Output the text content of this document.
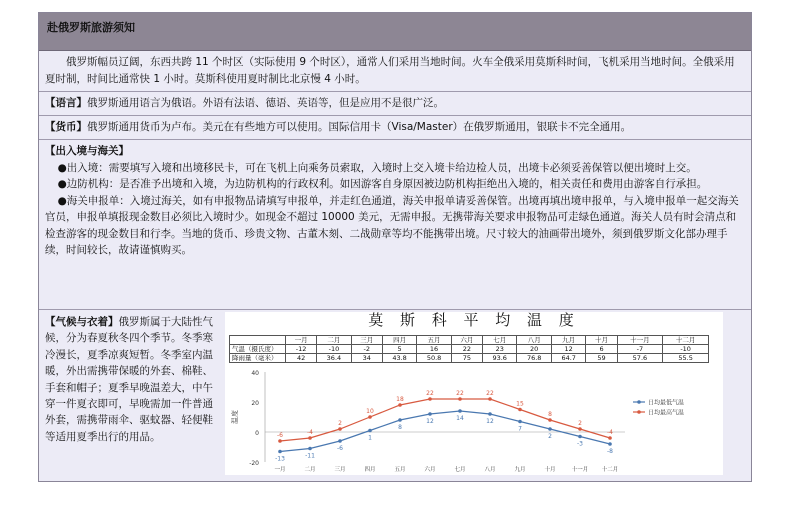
赴俄罗斯旅游须知

俄罗斯幅员辽阔，东西共跨 11 个时区（实际使用 9 个时区），通常人们采用当地时间。火车全俄采用莫斯科时间，飞机采用当地时间。全俄采用夏时制，时间比通常快 1 小时。莫斯科使用夏时制比北京慢 4 小时。

【语言】俄罗斯通用语言为俄语。外语有法语、德语、英语等，但是应用不是很广泛。
【货币】俄罗斯通用货币为卢布。美元在有些地方可以使用。国际信用卡（Visa/Master）在俄罗斯通用，银联卡不完全通用。

【出入境与海关】

●出入境：需要填写入境和出境移民卡，可在飞机上向乘务员索取，入境时上交入境卡给边检人员，出境卡必须妥善保管以便出境时上交。

●边防机构：是否准予出境和入境，为边防机构的行政权利。如因游客自身原因被边防机构拒绝出入境的，相关责任和费用由游客自行承担。

●海关申报单：入境过海关，如有申报物品请填写申报单，并走红色通道，海关申报单请妥善保管。出境再填出境申报单，与入境申报单一起交海关官员，申报单填报现金数目必须比入境时少。如现金不超过 10000 美元，无需申报。无携带海关要求申报物品可走绿色通道。海关人员有时会清点和检查游客的现金数目和行李。当地的货币、珍贵文物、古董木刻、二战勋章等均不能携带出境。尺寸较大的油画带出境外，须到俄罗斯文化部办理手续，时间较长，故请谨慎购买。

【气候与衣着】俄罗斯属于大陆性气候，分为春夏秋冬四个季节。冬季寒冷漫长，夏季凉爽短暂。冬季室内温暖，外出需携带保暖的外套、棉鞋、手套和帽子；夏季早晚温差大，中午穿一件夏衣即可，早晚需加一件普通外套，需携带雨伞、驱蚊器、轻便鞋等适用夏季出行的用品。
莫 斯 科 平 均 温 度
	一月	二月	三月	四月	五月	六月	七月	八月	九月	十月	十一月	十二月
气温（摄氏度）	-12	-10	-2	5	16	22	23	20	12	6	-7	-10
降雨量（毫米）	42	36.4	34	43.8	50.8	75	93.6	76.8	64.7	59	57.6	55.5
-20
0
20
40
温度
一月	二月	三月	四月	五月	六月	七月	八月	九月	十月	十一月 十二月
-13	-11
-6
1
8
12	14	12
7
2
-3
-8
日均最低气温
-6	-4
2
10
18
22	22	22
15
8
2
-4
日均最高气温
